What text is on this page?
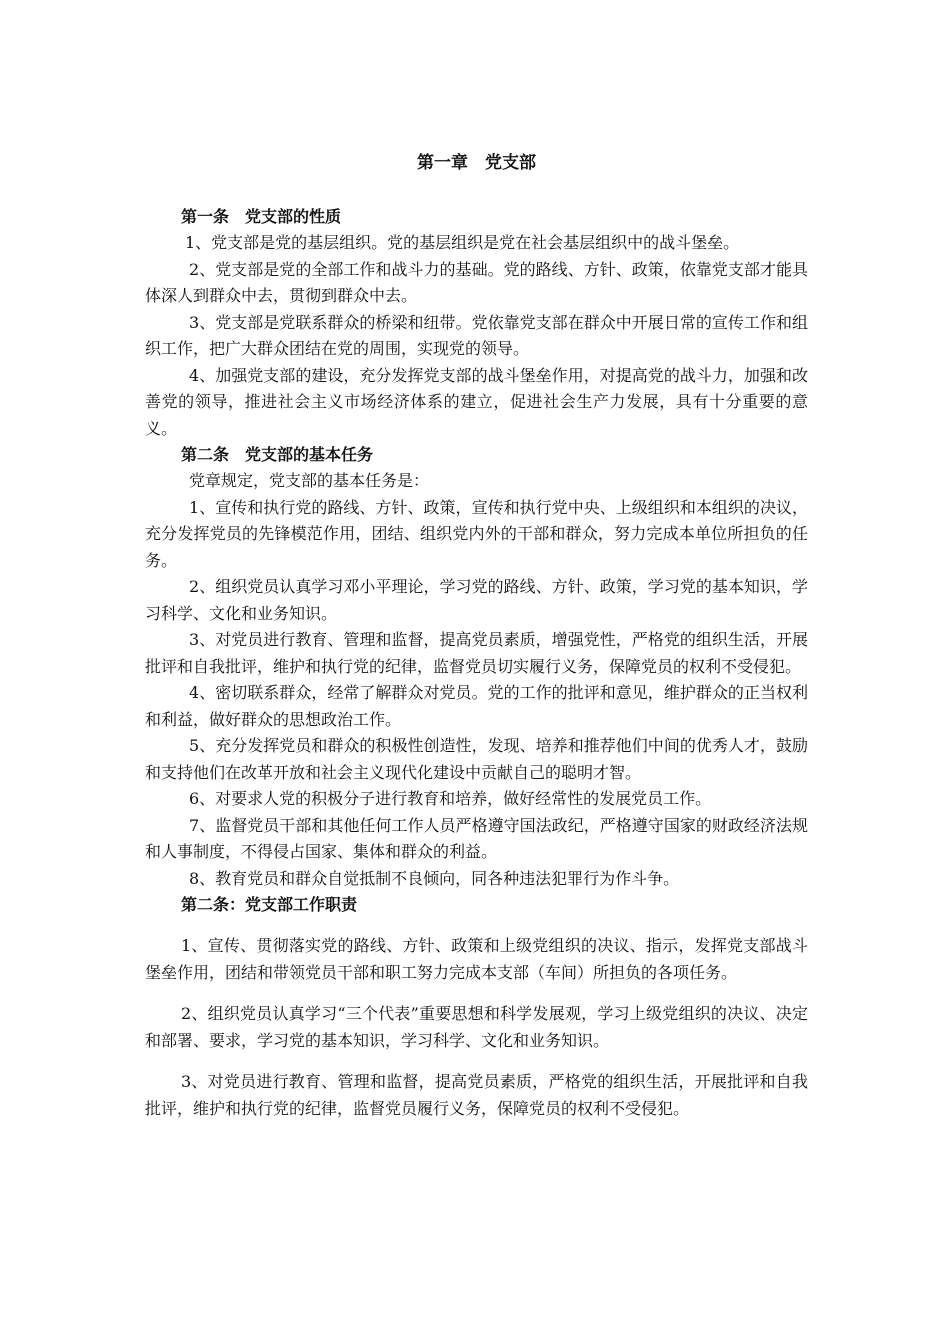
第一章　党支部
第一条　党支部的性质

1、党支部是党的基层组织。党的基层组织是党在社会基层组织中的战斗堡垒。

2、党支部是党的全部工作和战斗力的基础。党的路线、方针、政策，依靠党支部才能具体深人到群众中去，贯彻到群众中去。

3、党支部是党联系群众的桥梁和纽带。党依靠党支部在群众中开展日常的宣传工作和组织工作，把广大群众团结在党的周围，实现党的领导。

4、加强党支部的建设，充分发挥党支部的战斗堡垒作用，对提高党的战斗力，加强和改善党的领导，推进社会主义市场经济体系的建立，促进社会生产力发展，具有十分重要的意义。

第二条　党支部的基本任务

党章规定，党支部的基本任务是：

1、宣传和执行党的路线、方针、政策，宣传和执行党中央、上级组织和本组织的决议，充分发挥党员的先锋模范作用，团结、组织党内外的干部和群众，努力完成本单位所担负的任务。

2、组织党员认真学习邓小平理论，学习党的路线、方针、政策，学习党的基本知识，学习科学、文化和业务知识。

3、对党员进行教育、管理和监督，提高党员素质，增强党性，严格党的组织生活，开展批评和自我批评，维护和执行党的纪律，监督党员切实履行义务，保障党员的权利不受侵犯。

4、密切联系群众，经常了解群众对党员。党的工作的批评和意见，维护群众的正当权利和利益，做好群众的思想政治工作。

5、充分发挥党员和群众的积极性创造性，发现、培养和推荐他们中间的优秀人才，鼓励和支持他们在改革开放和社会主义现代化建设中贡献自己的聪明才智。

6、对要求人党的积极分子进行教育和培养，做好经常性的发展党员工作。

7、监督党员干部和其他任何工作人员严格遵守国法政纪，严格遵守国家的财政经济法规和人事制度，不得侵占国家、集体和群众的利益。

8、教育党员和群众自觉抵制不良倾向，同各种违法犯罪行为作斗争。

第二条：党支部工作职责

1、宣传、贯彻落实党的路线、方针、政策和上级党组织的决议、指示，发挥党支部战斗堡垒作用，团结和带领党员干部和职工努力完成本支部（车间）所担负的各项任务。

2、组织党员认真学习“三个代表”重要思想和科学发展观，学习上级党组织的决议、决定和部署、要求，学习党的基本知识，学习科学、文化和业务知识。

3、对党员进行教育、管理和监督，提高党员素质，严格党的组织生活，开展批评和自我批评，维护和执行党的纪律，监督党员履行义务，保障党员的权利不受侵犯。
